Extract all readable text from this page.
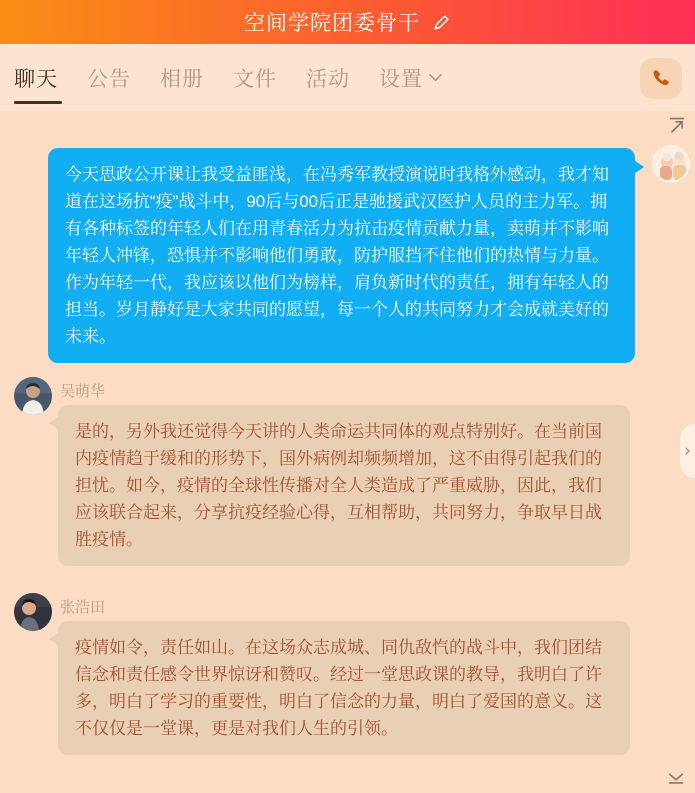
空间学院团委骨干
聊天 公告 相册 文件 活动 设置
今天思政公开课让我受益匪浅，在冯秀军教授演说时我格外感动，我才知道在这场抗“疫”战斗中，90后与00后正是驰援武汉医护人员的主力军。拥有各种标签的年轻人们在用青春活力为抗击疫情贡献力量，卖萌并不影响年轻人冲锋，恐惧并不影响他们勇敢，防护服挡不住他们的热情与力量。作为年轻一代，我应该以他们为榜样，肩负新时代的责任，拥有年轻人的担当。岁月静好是大家共同的愿望，每一个人的共同努力才会成就美好的未来。
吴萌华
是的，另外我还觉得今天讲的人类命运共同体的观点特别好。在当前国内疫情趋于缓和的形势下，国外病例却频频增加，这不由得引起我们的担忧。如今，疫情的全球性传播对全人类造成了严重威胁，因此，我们应该联合起来，分享抗疫经验心得，互相帮助，共同努力，争取早日战胜疫情。
›
张浩田
疫情如令，责任如山。在这场众志成城、同仇敌忾的战斗中，我们团结信念和责任感令世界惊讶和赞叹。经过一堂思政课的教导，我明白了许多，明白了学习的重要性，明白了信念的力量，明白了爱国的意义。这不仅仅是一堂课，更是对我们人生的引领。
